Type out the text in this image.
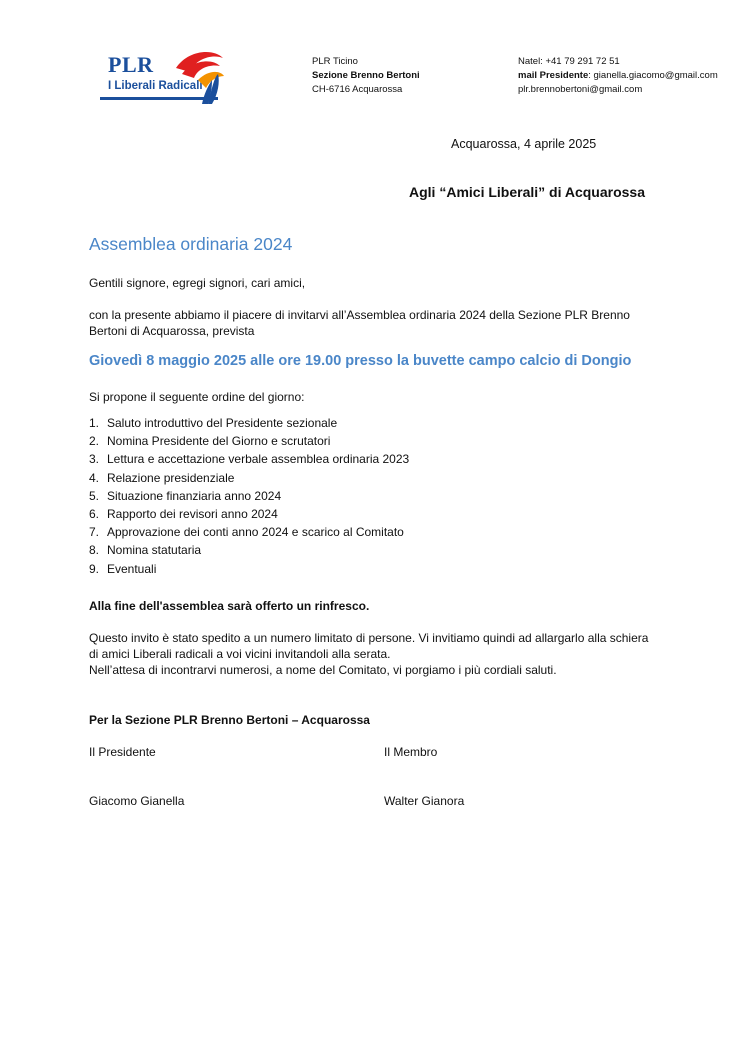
PLR
I Liberali Radicali
PLR Ticino
Sezione Brenno Bertoni
CH-6716 Acquarossa
Natel: +41 79 291 72 51
mail Presidente: gianella.giacomo@gmail.com
plr.brennobertoni@gmail.com
Acquarossa, 4 aprile 2025
Agli “Amici Liberali” di Acquarossa
Assemblea ordinaria 2024
Gentili signore, egregi signori, cari amici,
con la presente abbiamo il piacere di invitarvi all’Assemblea ordinaria 2024 della Sezione PLR Brenno
Bertoni di Acquarossa, prevista
Giovedì 8 maggio 2025 alle ore 19.00 presso la buvette campo calcio di Dongio
Si propone il seguente ordine del giorno:
1. Saluto introduttivo del Presidente sezionale
2. Nomina Presidente del Giorno e scrutatori
3. Lettura e accettazione verbale assemblea ordinaria 2023
4. Relazione presidenziale
5. Situazione finanziaria anno 2024
6. Rapporto dei revisori anno 2024
7. Approvazione dei conti anno 2024 e scarico al Comitato
8. Nomina statutaria
9. Eventuali
Alla fine dell'assemblea sarà offerto un rinfresco.
Questo invito è stato spedito a un numero limitato di persone. Vi invitiamo quindi ad allargarlo alla schiera
di amici Liberali radicali a voi vicini invitandoli alla serata.
Nell’attesa di incontrarvi numerosi, a nome del Comitato, vi porgiamo i più cordiali saluti.
Per la Sezione PLR Brenno Bertoni – Acquarossa
Il Presidente	Il Membro
Giacomo Gianella	Walter Gianora
